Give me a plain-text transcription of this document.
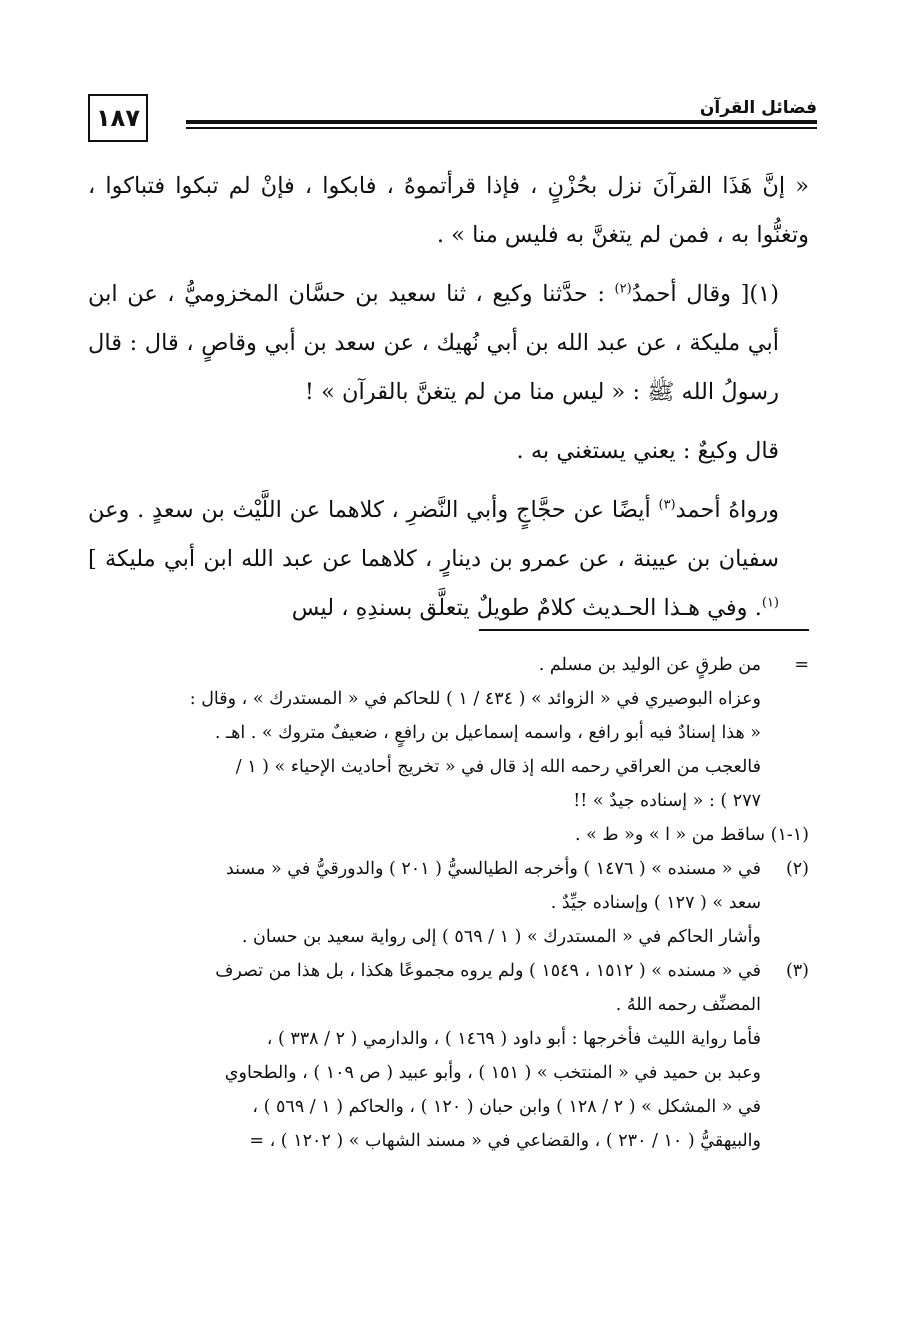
١٨٧	فضائل القرآن

« إنَّ هَذَا القرآنَ نزل بحُزْنٍ ، فإذا قرأتموهُ ، فابكوا ، فإنْ لم تبكوا فتباكوا ، وتغنُّوا به ، فمن لم يتغنَّ به فليس منا » .

(١)[ وقال أحمدُ$^{(٢)}$ : حدَّثنا وكيع ، ثنا سعيد بن حسَّان المخزوميُّ ، عن ابن أبي مليكة ، عن عبد الله بن أبي نُهيك ، عن سعد بن أبي وقاصٍ ، قال : قال رسولُ الله ﷺ : « ليس منا من لم يتغنَّ بالقرآن » !

قال وكيعٌ : يعني يستغني به .

ورواهُ أحمد$^{(٣)}$ أيضًا عن حجَّاجٍ وأبي النَّضرِ ، كلاهما عن اللَّيْث بن سعدٍ . وعن سفيان بن عيينة ، عن عمرو بن دينارٍ ، كلاهما عن عبد الله ابن أبي مليكة ]$^{(١)}$. وفي هـذا الحـديث كلامٌ طويلٌ يتعلَّق بسندِهِ ، ليس

=
من طرقٍ عن الوليد بن مسلم .
وعزاه البوصيري في « الزوائد » ( ٤٣٤ / ١ ) للحاكم في « المستدرك » ، وقال :
« هذا إسنادٌ فيه أبو رافع ، واسمه إسماعيل بن رافعٍ ، ضعيفٌ متروك » . اهـ .
فالعجب من العراقي رحمه الله إذ قال في « تخريج أحاديث الإحياء » ( ١ /
٢٧٧ ) : « إسناده جيدٌ » !!
(١-١) ساقط من « ا » و« ط » .
(٢)
في « مسنده » ( ١٤٧٦ ) وأخرجه الطيالسيُّ ( ٢٠١ ) والدورقيُّ في « مسند
سعد » ( ١٢٧ ) وإسناده جيِّدٌ .
وأشار الحاكم في « المستدرك » ( ١ / ٥٦٩ ) إلى رواية سعيد بن حسان .
(٣)
في « مسنده » ( ١٥١٢ ، ١٥٤٩ ) ولم يروه مجموعًا هكذا ، بل هذا من تصرف
المصنِّف رحمه اللهُ .
فأما رواية الليث فأخرجها : أبو داود ( ١٤٦٩ ) ، والدارمي ( ٢ / ٣٣٨ ) ،
وعبد بن حميد في « المنتخب » ( ١٥١ ) ، وأبو عبيد ( ص ١٠٩ ) ، والطحاوي
في « المشكل » ( ٢ / ١٢٨ ) وابن حبان ( ١٢٠ ) ، والحاكم ( ١ / ٥٦٩ ) ،
والبيهقيُّ ( ١٠ / ٢٣٠ ) ، والقضاعي في « مسند الشهاب » ( ١٢٠٢ ) ، =
